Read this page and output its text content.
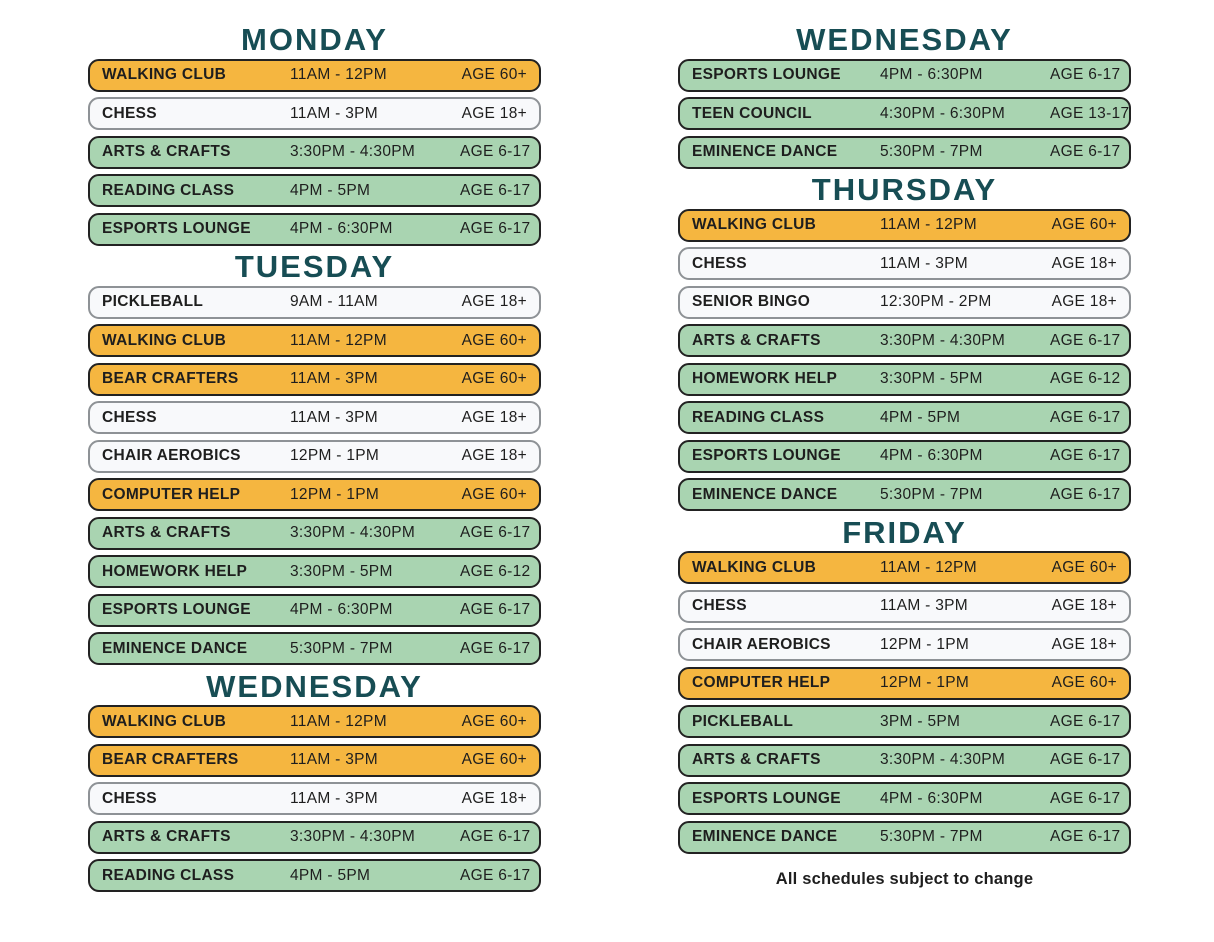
MONDAY
WALKING CLUB	11AM - 12PM	AGE 60+
CHESS	11AM - 3PM	AGE 18+
ARTS & CRAFTS	3:30PM - 4:30PM	AGE 6-17
READING CLASS	4PM - 5PM	AGE 6-17
ESPORTS LOUNGE	4PM - 6:30PM	AGE 6-17
TUESDAY
PICKLEBALL	9AM - 11AM	AGE 18+
WALKING CLUB	11AM - 12PM	AGE 60+
BEAR CRAFTERS	11AM - 3PM	AGE 60+
CHESS	11AM - 3PM	AGE 18+
CHAIR AEROBICS	12PM - 1PM	AGE 18+
COMPUTER HELP	12PM - 1PM	AGE 60+
ARTS & CRAFTS	3:30PM - 4:30PM	AGE 6-17
HOMEWORK HELP	3:30PM - 5PM	AGE 6-12
ESPORTS LOUNGE	4PM - 6:30PM	AGE 6-17
EMINENCE DANCE	5:30PM - 7PM	AGE 6-17
WEDNESDAY
WALKING CLUB	11AM - 12PM	AGE 60+
BEAR CRAFTERS	11AM - 3PM	AGE 60+
CHESS	11AM - 3PM	AGE 18+
ARTS & CRAFTS	3:30PM - 4:30PM	AGE 6-17
READING CLASS	4PM - 5PM	AGE 6-17
WEDNESDAY
ESPORTS LOUNGE	4PM - 6:30PM	AGE 6-17
TEEN COUNCIL	4:30PM - 6:30PM	AGE 13-17
EMINENCE DANCE	5:30PM - 7PM	AGE 6-17
THURSDAY
WALKING CLUB	11AM - 12PM	AGE 60+
CHESS	11AM - 3PM	AGE 18+
SENIOR BINGO	12:30PM - 2PM	AGE 18+
ARTS & CRAFTS	3:30PM - 4:30PM	AGE 6-17
HOMEWORK HELP	3:30PM - 5PM	AGE 6-12
READING CLASS	4PM - 5PM	AGE 6-17
ESPORTS LOUNGE	4PM - 6:30PM	AGE 6-17
EMINENCE DANCE	5:30PM - 7PM	AGE 6-17
FRIDAY
WALKING CLUB	11AM - 12PM	AGE 60+
CHESS	11AM - 3PM	AGE 18+
CHAIR AEROBICS	12PM - 1PM	AGE 18+
COMPUTER HELP	12PM - 1PM	AGE 60+
PICKLEBALL	3PM - 5PM	AGE 6-17
ARTS & CRAFTS	3:30PM - 4:30PM	AGE 6-17
ESPORTS LOUNGE	4PM - 6:30PM	AGE 6-17
EMINENCE DANCE	5:30PM - 7PM	AGE 6-17
All schedules subject to change
